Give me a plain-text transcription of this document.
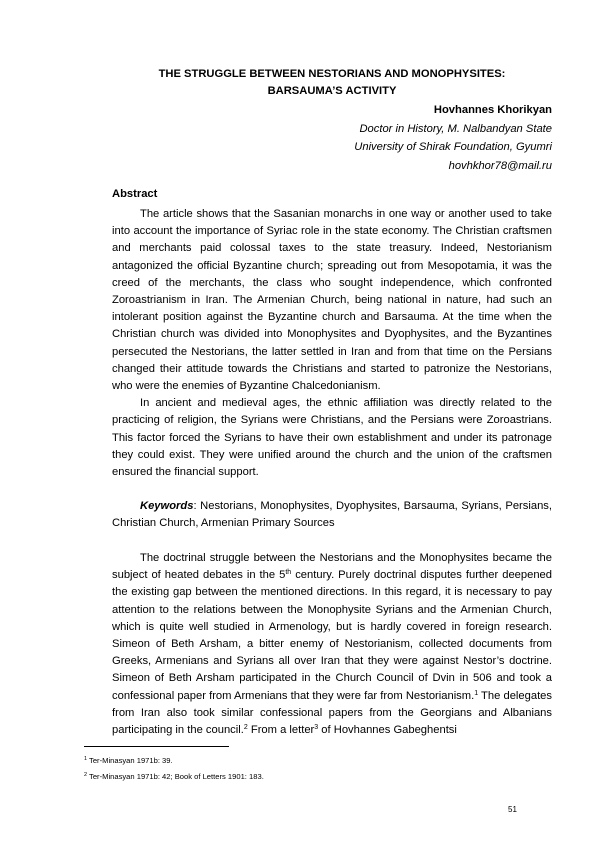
THE STRUGGLE BETWEEN NESTORIANS AND MONOPHYSITES:
BARSAUMA’S ACTIVITY
Hovhannes Khorikyan
Doctor in History, M. Nalbandyan State
University of Shirak Foundation, Gyumri
hovhkhor78@mail.ru
Abstract

The article shows that the Sasanian monarchs in one way or another used to take into account the importance of Syriac role in the state economy. The Christian craftsmen and merchants paid colossal taxes to the state treasury. Indeed, Nestorianism antagonized the official Byzantine church; spreading out from Mesopotamia, it was the creed of the merchants, the class who sought independence, which confronted Zoroastrianism in Iran. The Armenian Church, being national in nature, had such an intolerant position against the Byzantine church and Barsauma. At the time when the Christian church was divided into Monophysites and Dyophysites, and the Byzantines persecuted the Nestorians, the latter settled in Iran and from that time on the Persians changed their attitude towards the Christians and started to patronize the Nestorians, who were the enemies of Byzantine Chalcedonianism.

In ancient and medieval ages, the ethnic affiliation was directly related to the practicing of religion, the Syrians were Christians, and the Persians were Zoroastrians. This factor forced the Syrians to have their own establishment and under its patronage they could exist. They were unified around the church and the union of the craftsmen ensured the financial support.

Keywords: Nestorians, Monophysites, Dyophysites, Barsauma, Syrians, Persians, Christian Church, Armenian Primary Sources

The doctrinal struggle between the Nestorians and the Monophysites became the subject of heated debates in the 5th century. Purely doctrinal disputes further deepened the existing gap between the mentioned directions. In this regard, it is necessary to pay attention to the relations between the Monophysite Syrians and the Armenian Church, which is quite well studied in Armenology, but is hardly covered in foreign research. Simeon of Beth Arsham, a bitter enemy of Nestorianism, collected documents from Greeks, Armenians and Syrians all over Iran that they were against Nestor’s doctrine. Simeon of Beth Arsham participated in the Church Council of Dvin in 506 and took a confessional paper from Armenians that they were far from Nestorianism.$^1$ The delegates from Iran also took similar confessional papers from the Georgians and Albanians participating in the council.$^2$ From a letter$^3$ of Hovhannes Gabeghentsi

$^1$ Ter-Minasyan 1971b: 39.
$^2$ Ter-Minasyan 1971b: 42; Book of Letters 1901: 183.
51
